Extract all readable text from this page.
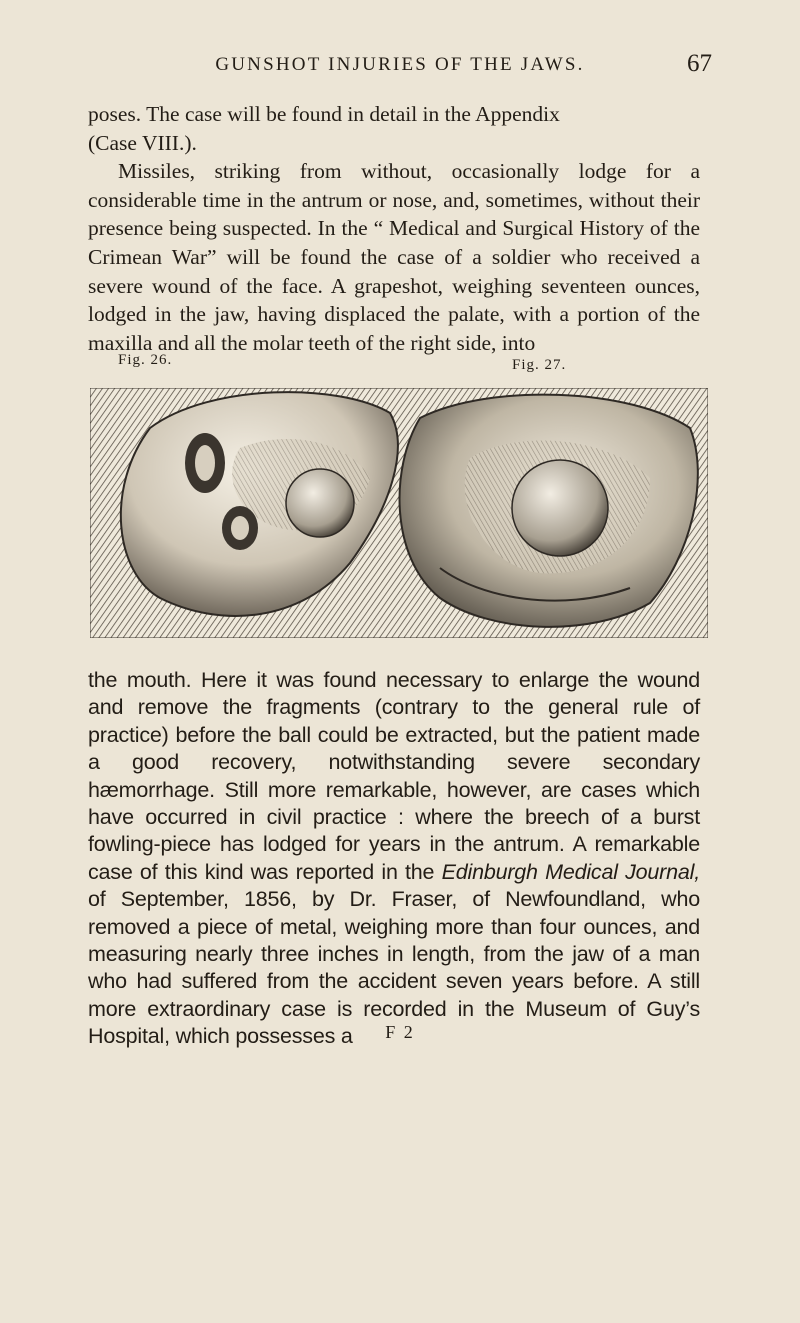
GUNSHOT INJURIES OF THE JAWS.	67

poses. The case will be found in detail in the Appendix

(Case VIII.).

Missiles, striking from without, occasionally lodge for a considerable time in the antrum or nose, and, sometimes, without their presence being suspected. In the “ Medical and Surgical History of the Crimean War” will be found the case of a soldier who received a severe wound of the face. A grapeshot, weighing seventeen ounces, lodged in the jaw, having displaced the palate, with a portion of the maxilla and all the molar teeth of the right side, into

Fig. 26.	Fig. 27.
the mouth. Here it was found necessary to enlarge the wound and remove the fragments (contrary to the general rule of practice) before the ball could be extracted, but the patient made a good recovery, notwithstanding severe secondary hæmorrhage. Still more remarkable, however, are cases which have occurred in civil practice : where the breech of a burst fowling-piece has lodged for years in the antrum. A remarkable case of this kind was reported in the Edinburgh Medical Journal, of September, 1856, by Dr. Fraser, of Newfoundland, who removed a piece of metal, weighing more than four ounces, and measuring nearly three inches in length, from the jaw of a man who had suffered from the accident seven years before. A still more extraordinary case is recorded in the Museum of Guy’s Hospital, which possesses a	F 2
